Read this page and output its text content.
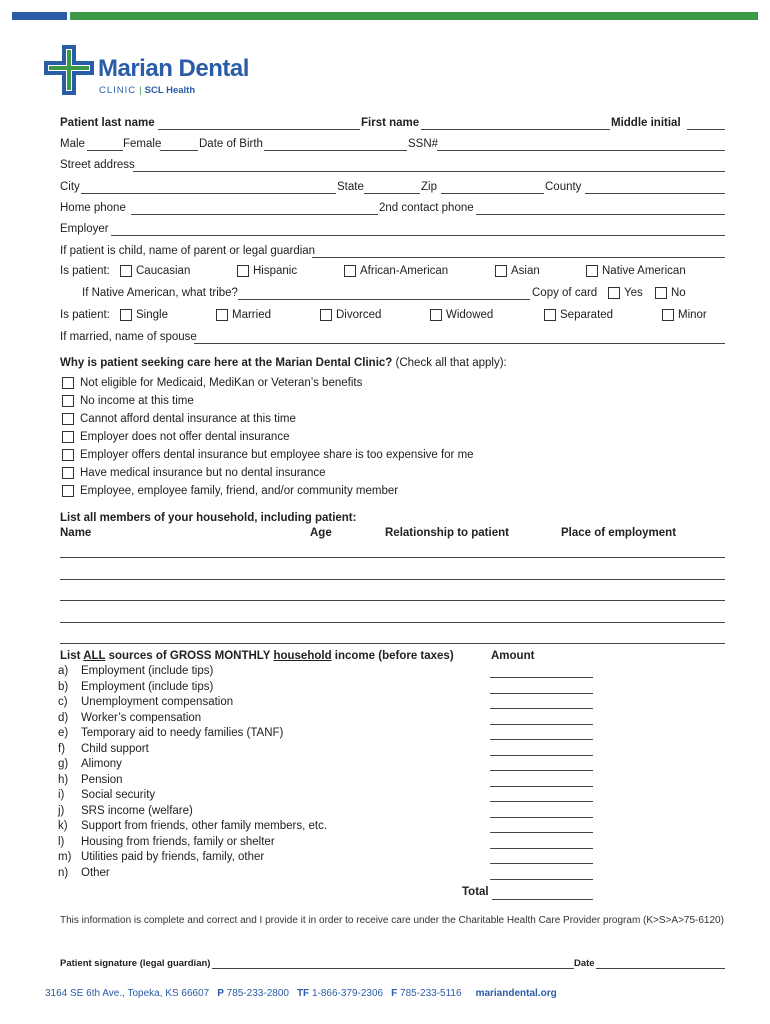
Marian Dental
CLINIC | SCL Health
Patient last name	First name	Middle initial
Male	Female	Date of Birth	SSN#
Street address
City	State	Zip	County
Home phone	2nd contact phone
Employer
If patient is child, name of parent or legal guardian
Is patient: Caucasian	Hispanic	African-American	Asian	Native American
If Native American, what tribe?	Copy of card Yes No
Is patient: Single	Married	Divorced	Widowed	Separated	Minor
If married, name of spouse
Why is patient seeking care here at the Marian Dental Clinic? (Check all that apply):
Not eligible for Medicaid, MediKan or Veteran’s benefits
No income at this time
Cannot afford dental insurance at this time
Employer does not offer dental insurance
Employer offers dental insurance but employee share is too expensive for me
Have medical insurance but no dental insurance
Employee, employee family, friend, and/or community member
List all members of your household, including patient:
Name	Age	Relationship to patient	Place of employment
List ALL sources of GROSS MONTHLY household income (before taxes)	Amount
a)	Employment (include tips)
b)	Employment (include tips)
c)	Unemployment compensation
d)	Worker’s compensation
e)	Temporary aid to needy families (TANF)
f)	Child support
g)	Alimony
h)	Pension
i)	Social security
j)	SRS income (welfare)
k)	Support from friends, other family members, etc.
l)	Housing from friends, family or shelter
m) Utilities paid by friends, family, other
n)	Other
Total
This information is complete and correct and I provide it in order to receive care under the Charitable Health Care Provider program (K>S>A>75-6120)
Patient signature (legal guardian)	Date
3164 SE 6th Ave., Topeka, KS 66607 P 785-233-2800 TF 1-866-379-2306 F 785-233-5116 mariandental.org
